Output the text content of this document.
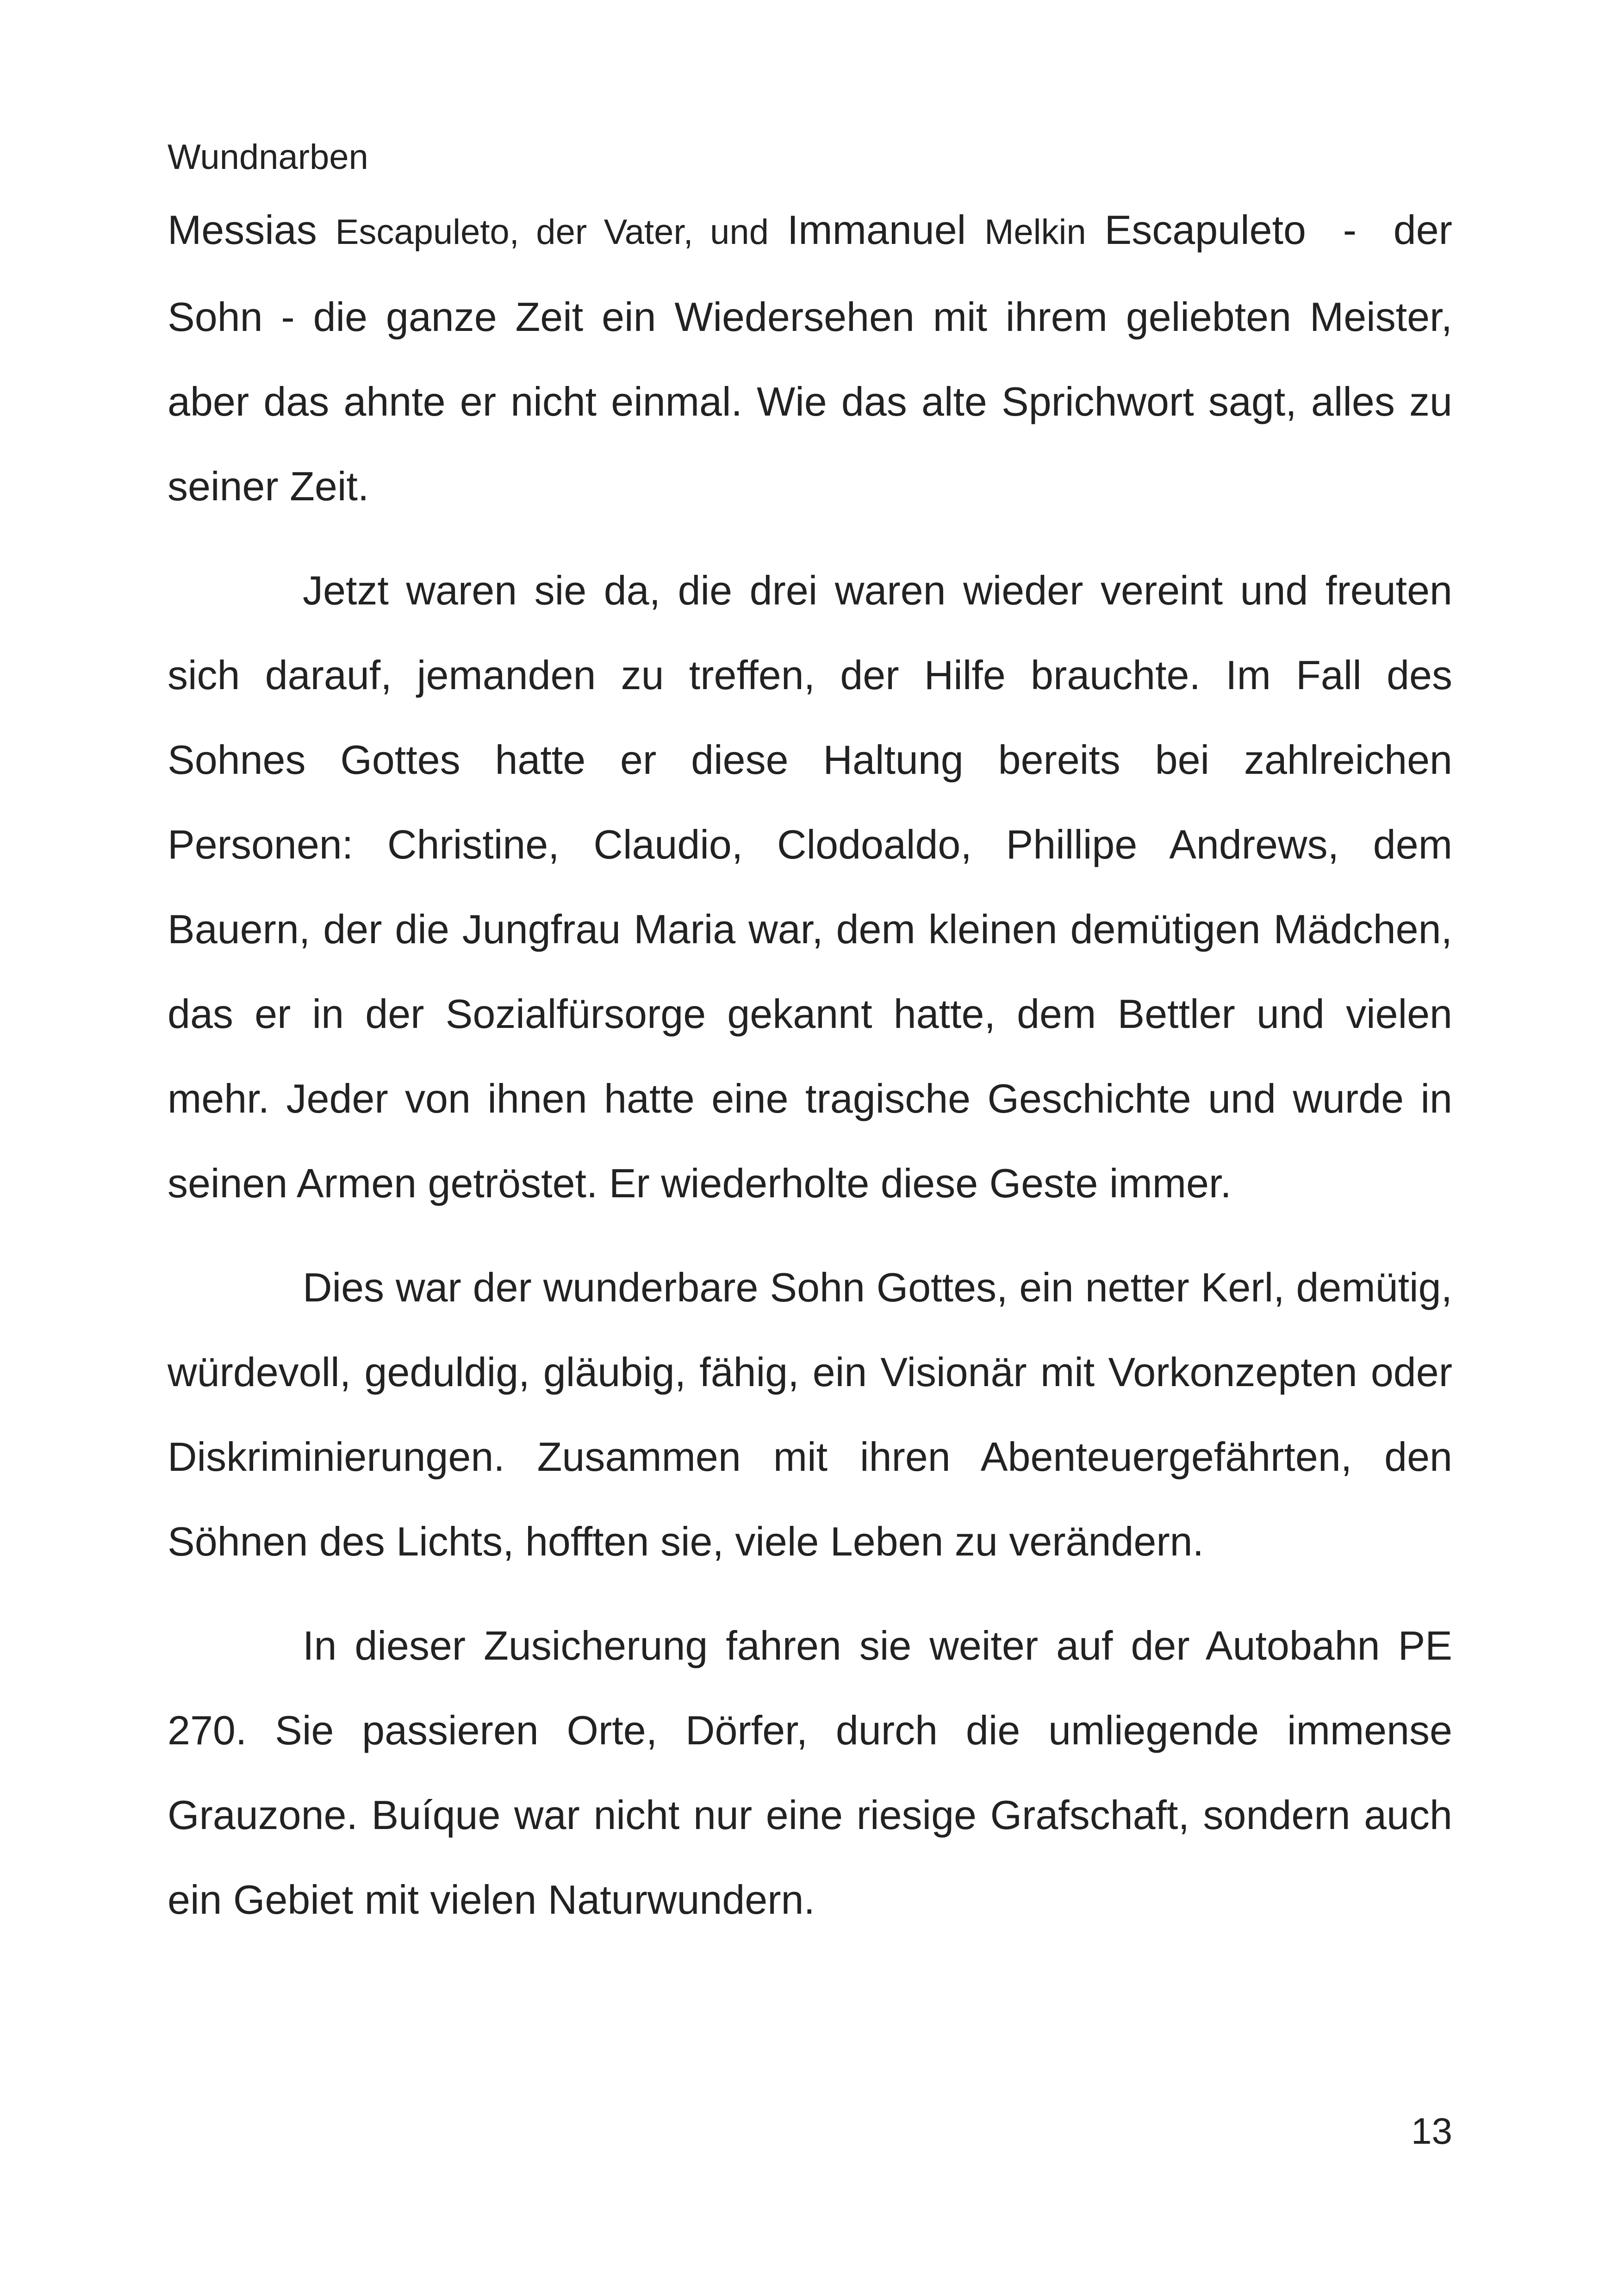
Wundnarben

Messias Escapuleto, der Vater, und Immanuel Melkin Escapuleto  -  der Sohn - die ganze Zeit ein Wiedersehen mit ihrem geliebten Meister, aber das ahnte er nicht einmal. Wie das alte Sprichwort sagt, alles zu seiner Zeit.

Jetzt waren sie da, die drei waren wieder vereint und freuten sich darauf, jemanden zu treffen, der Hilfe brauchte. Im Fall des Sohnes Gottes hatte er diese Haltung bereits bei zahlreichen Personen: Christine, Claudio, Clodoaldo, Phillipe Andrews, dem Bauern, der die Jungfrau Maria war, dem kleinen demütigen Mädchen, das er in der Sozialfürsorge gekannt hatte, dem Bettler und vielen mehr. Jeder von ihnen hatte eine tragische Geschichte und wurde in seinen Armen getröstet. Er wiederholte diese Geste immer.

Dies war der wunderbare Sohn Gottes, ein netter Kerl, demütig, würdevoll, geduldig, gläubig, fähig, ein Visionär mit Vorkonzepten oder Diskriminierungen. Zusammen mit ihren Abenteuergefährten, den Söhnen des Lichts, hofften sie, viele Leben zu verändern.

In dieser Zusicherung fahren sie weiter auf der Autobahn PE 270. Sie passieren Orte, Dörfer, durch die umliegende immense Grauzone. Buíque war nicht nur eine riesige Grafschaft, sondern auch ein Gebiet mit vielen Naturwundern.

13
